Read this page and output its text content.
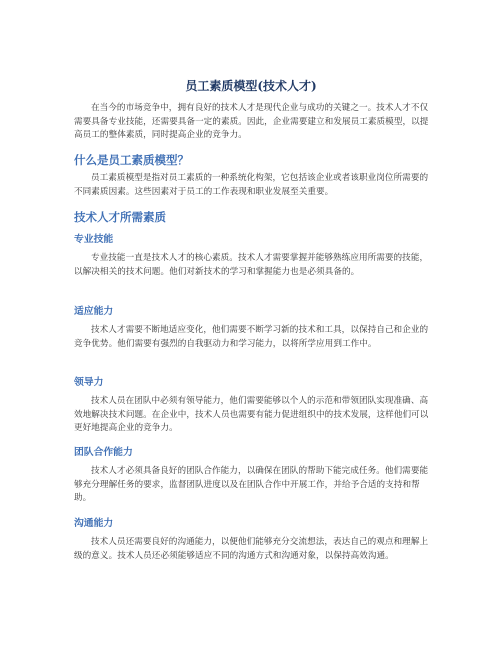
员工素质模型(技术人才)

在当今的市场竞争中，拥有良好的技术人才是现代企业与成功的关键之一。技术人才不仅需要具备专业技能，还需要具备一定的素质。因此，企业需要建立和发展员工素质模型，以提高员工的整体素质，同时提高企业的竞争力。

什么是员工素质模型？

员工素质模型是指对员工素质的一种系统化构架，它包括该企业或者该职业岗位所需要的不同素质因素。这些因素对于员工的工作表现和职业发展至关重要。

技术人才所需素质
专业技能

专业技能一直是技术人才的核心素质。技术人才需要掌握并能够熟练应用所需要的技能，以解决相关的技术问题。他们对新技术的学习和掌握能力也是必须具备的。

适应能力

技术人才需要不断地适应变化，他们需要不断学习新的技术和工具，以保持自己和企业的竞争优势。他们需要有强烈的自我驱动力和学习能力，以将所学应用到工作中。

领导力

技术人员在团队中必须有领导能力，他们需要能够以个人的示范和带领团队实现准确、高效地解决技术问题。在企业中，技术人员也需要有能力促进组织中的技术发展，这样他们可以更好地提高企业的竞争力。

团队合作能力

技术人才必须具备良好的团队合作能力，以确保在团队的帮助下能完成任务。他们需要能够充分理解任务的要求，监督团队进度以及在团队合作中开展工作，并给予合适的支持和帮助。

沟通能力

技术人员还需要良好的沟通能力，以便他们能够充分交流想法，表达自己的观点和理解上级的意义。技术人员还必须能够适应不同的沟通方式和沟通对象，以保持高效沟通。
